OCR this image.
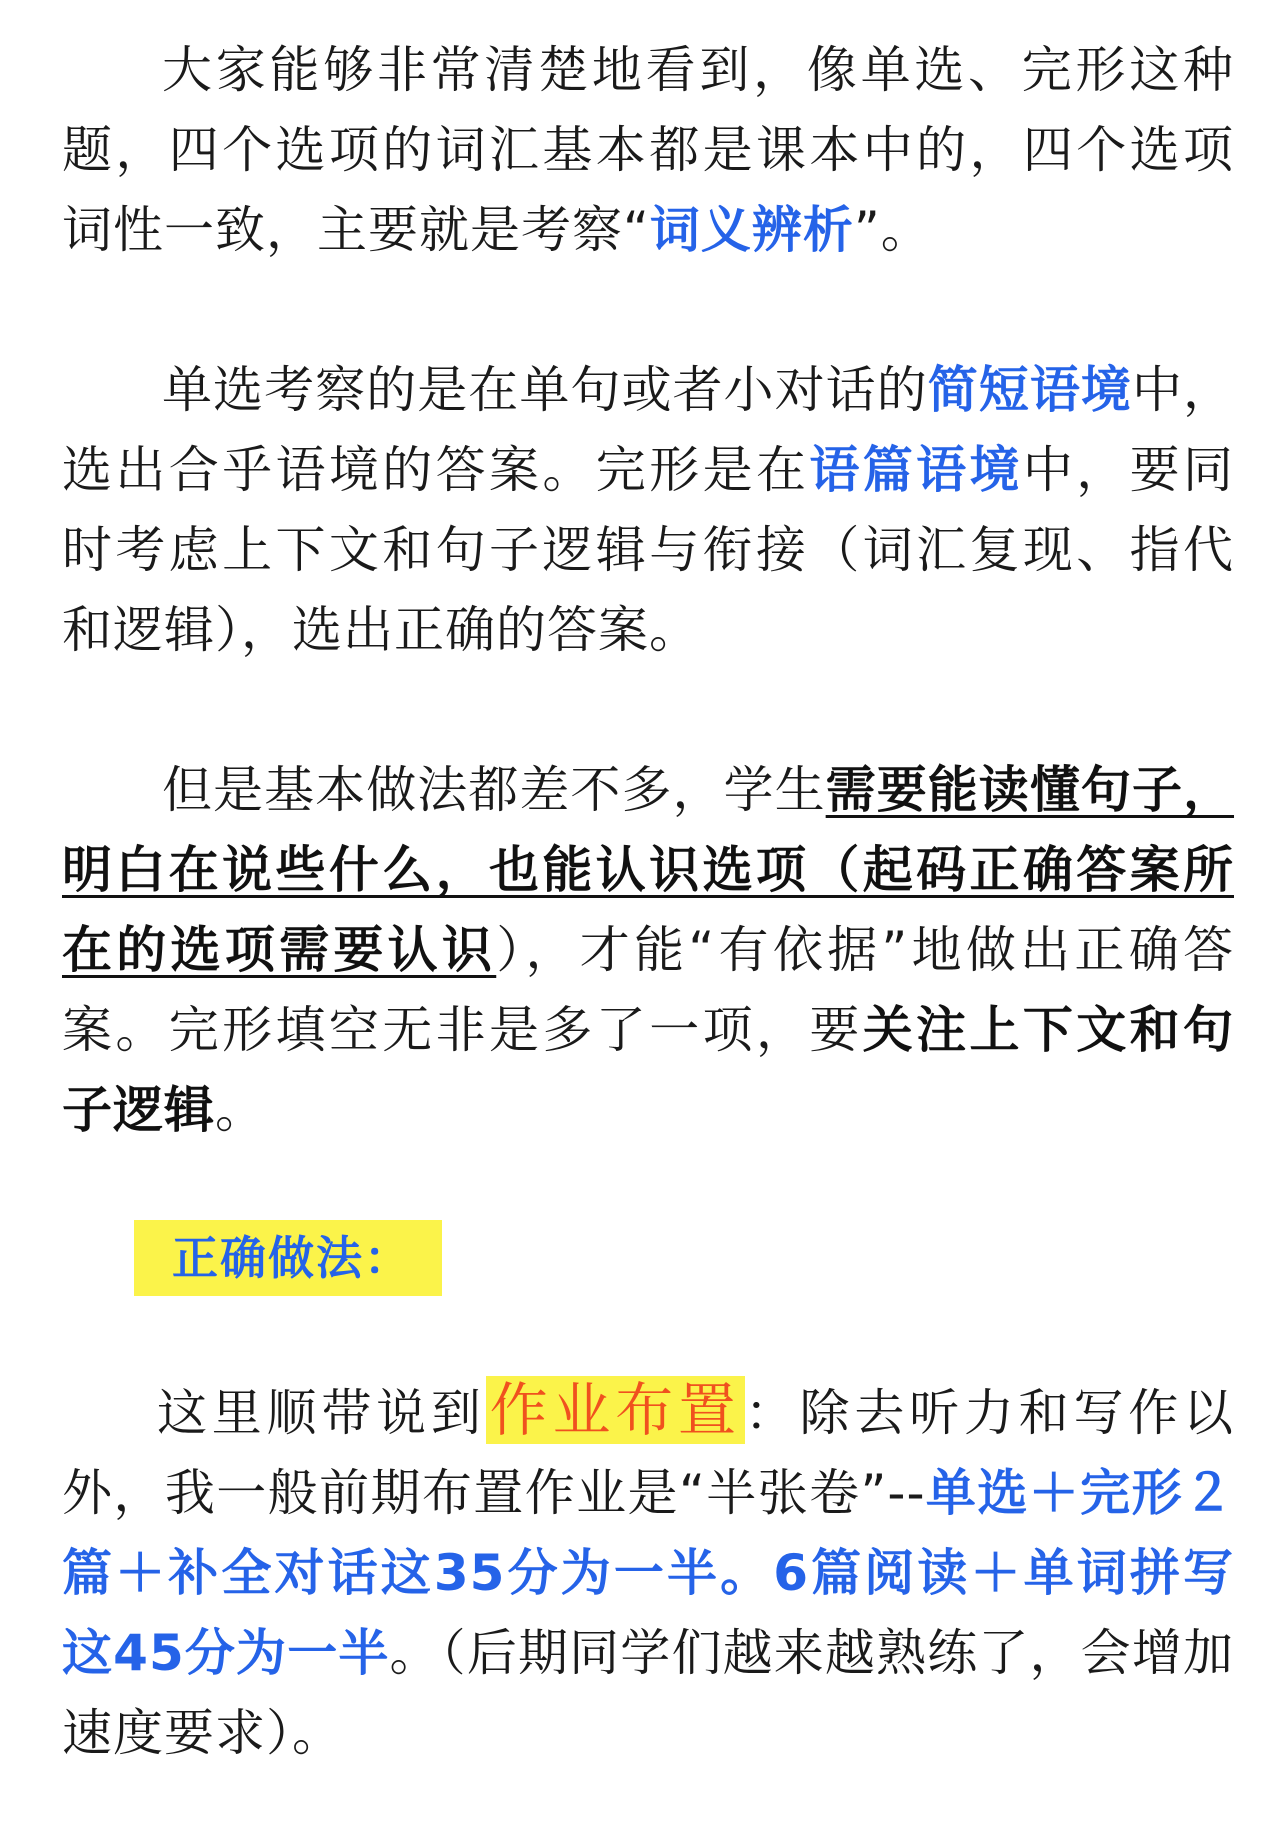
大家能够非常清楚地看到，像单选、完形这种题，四个选项的词汇基本都是课本中的，四个选项词性一致，主要就是考察“词义辨析”。

单选考察的是在单句或者小对话的简短语境中，选出合乎语境的答案。完形是在语篇语境中，要同时考虑上下文和句子逻辑与衔接（词汇复现、指代和逻辑），选出正确的答案。

但是基本做法都差不多，学生需要能读懂句子，明白在说些什么，也能认识选项（起码正确答案所在的选项需要认识），才能“有依据”地做出正确答案。完形填空无非是多了一项，要关注上下文和句子逻辑。

正确做法：

这里顺带说到作业布置：除去听力和写作以外，我一般前期布置作业是“半张卷”--单选＋完形２篇＋补全对话这35分为一半。6篇阅读＋单词拼写这45分为一半。（后期同学们越来越熟练了，会增加速度要求）。
